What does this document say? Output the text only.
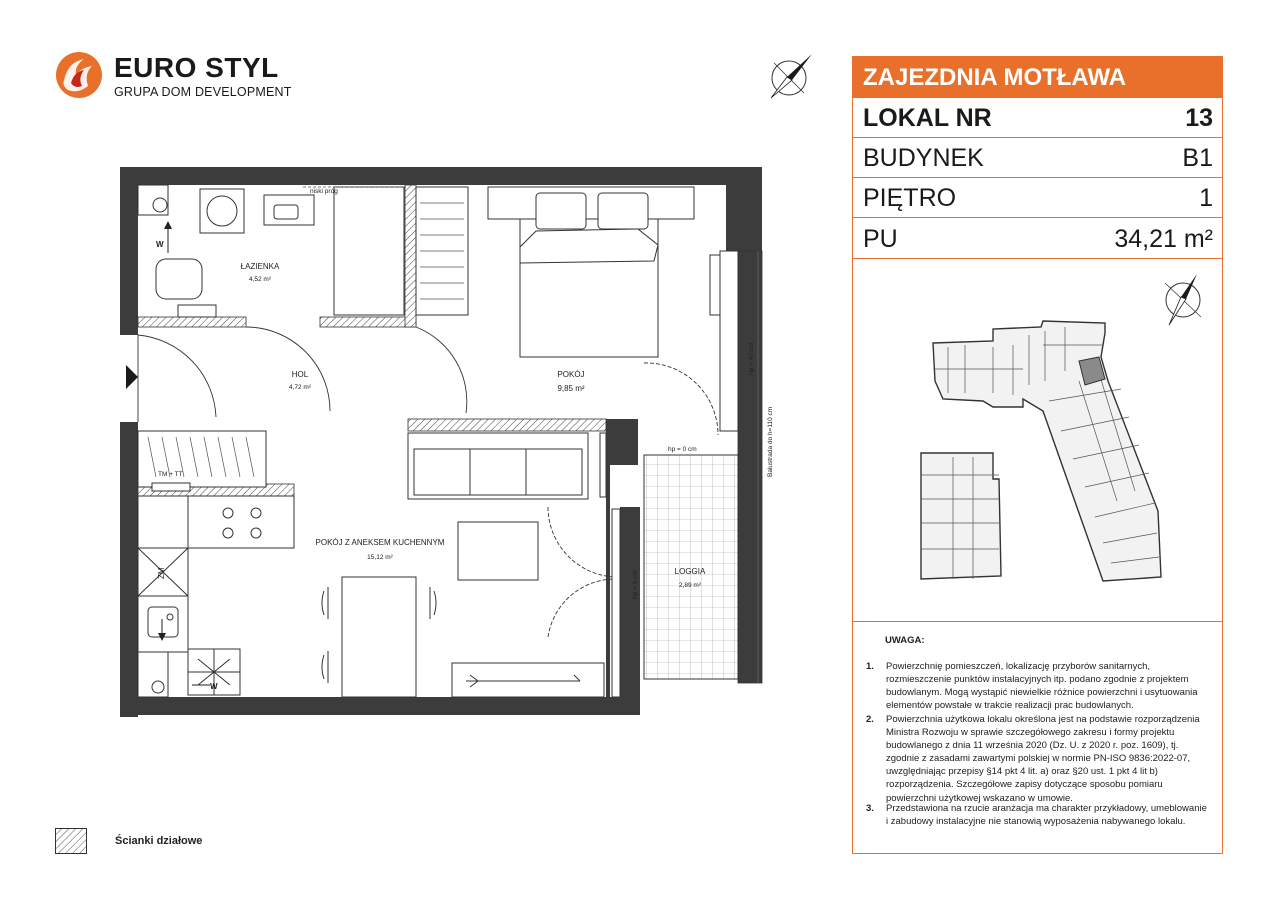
EURO STYL
GRUPA DOM DEVELOPMENT
ZAJEZDNIA MOTŁAWA
LOKAL NR	13
BUDYNEK	B1
PIĘTRO	1
PU	34,21 m²
UWAGA:
1. Powierzchnię pomieszczeń, lokalizację przyborów sanitarnych, rozmieszczenie punktów instalacyjnych itp. podano zgodnie z projektem budowlanym. Mogą wystąpić niewielkie różnice powierzchni i usytuowania elementów powstałe w trakcie realizacji prac budowlanych.
2. Powierzchnia użytkowa lokalu określona jest na podstawie rozporządzenia Ministra Rozwoju w sprawie szczegółowego zakresu i formy projektu budowlanego z dnia 11 września 2020 (Dz. U. z 2020 r. poz. 1609), tj. zgodnie z zasadami zawartymi polskiej w normie PN-ISO 9836:2022-07, uwzględniając przepisy §14 pkt 4 lit. a) oraz §20 ust. 1 pkt 4 lit b) rozporządzenia. Szczegółowe zapisy dotyczące sposobu pomiaru powierzchni użytkowej wskazano w umowie.
3. Przedstawiona na rzucie aranżacja ma charakter przykładowy, umeblowanie i zabudowy instalacyjne nie stanowią wyposażenia nabywanego lokalu.
niski próg
W
TM + TT
ZM
W
ŁAZIENKA
4,52 m²
HOL
4,72 m²
POKÓJ
9,85 m²
POKÓJ Z ANEKSEM KUCHENNYM
15,12 m²
LOGGIA
2,89 m²
hp = 0 cm
hp = 40 cm
hp = 0 cm
Balustrada do h=110 cm
Ścianki działowe
